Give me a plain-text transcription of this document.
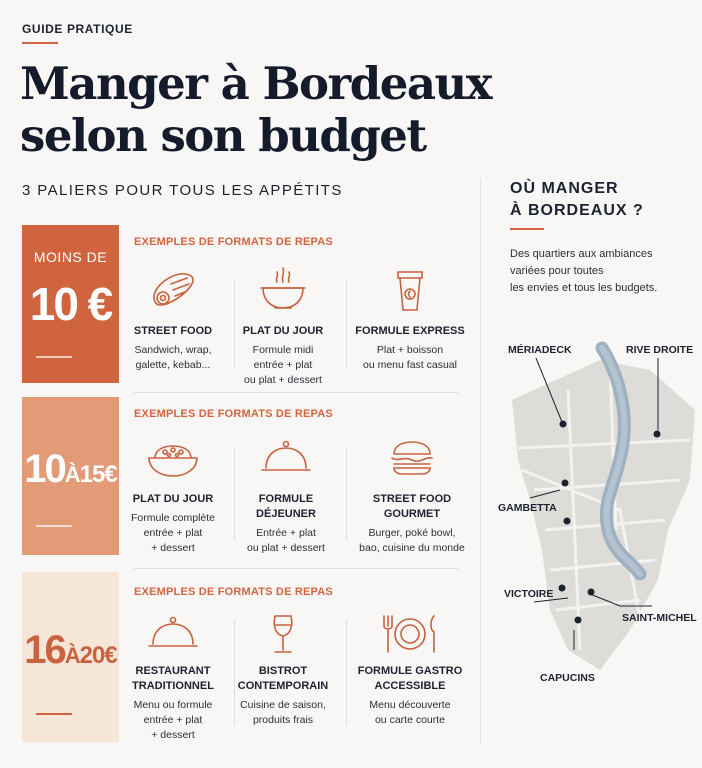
GUIDE PRATIQUE
Manger à Bordeaux
selon son budget
3 PALIERS POUR TOUS LES APPÉTITS
MOINS DE
10 €
EXEMPLES DE FORMATS DE REPAS
STREET FOOD
Sandwich, wrap,
galette, kebab...
PLAT DU JOUR
Formule midi
entrée + plat
ou plat + dessert
FORMULE EXPRESS
Plat + boisson
ou menu fast casual
10À15€
EXEMPLES DE FORMATS DE REPAS
PLAT DU JOUR
Formule complète
entrée + plat
+ dessert
FORMULE DÉJEUNER
Entrée + plat
ou plat + dessert
STREET FOOD GOURMET
Burger, poké bowl,
bao, cuisine du monde
16À20€
EXEMPLES DE FORMATS DE REPAS
RESTAURANT
TRADITIONNEL
Menu ou formule
entrée + plat
+ dessert
BISTROT
CONTEMPORAIN
Cuisine de saison,
produits frais
FORMULE GASTRO
ACCESSIBLE
Menu découverte
ou carte courte
OÙ MANGER
À BORDEAUX ?
Des quartiers aux ambiances
variées pour toutes
les envies et tous les budgets.
MÉRIADECK	RIVE DROITE
GAMBETTA
VICTOIRE
SAINT-MICHEL
CAPUCINS
